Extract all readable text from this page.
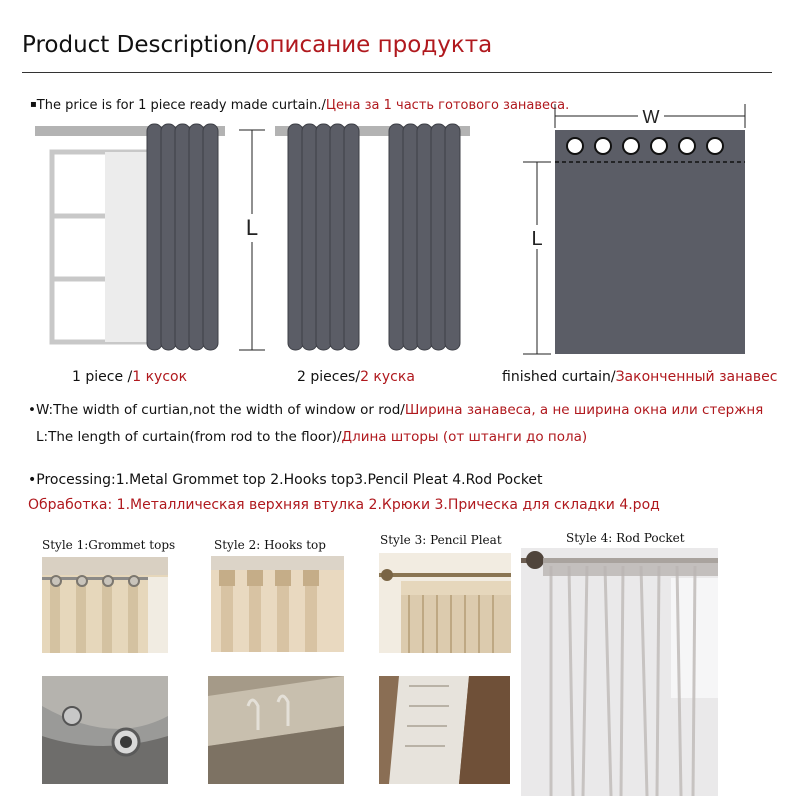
Product Description/описание продукта
▪The price is for 1 piece ready made curtain./Цена за 1 часть готового занавеса.
L
W
L
1 piece /1 кусок	2 pieces/2 куска	finished curtain/Законченный занавес
•W:The width of curtian,not the width of window or rod/Ширина занавеса, а не ширина окна или стержня
L:The length of curtain(from rod to the floor)/Длина шторы (от штанги до пола)
•Processing:1.Metal Grommet top 2.Hooks top3.Pencil Pleat 4.Rod Pocket
Обработка: 1.Металлическая верхняя втулка 2.Крюки 3.Прическа для складки 4.род
Style 1:Grommet tops	Style 2: Hooks top	Style 3: Pencil Pleat	Style 4: Rod Pocket
